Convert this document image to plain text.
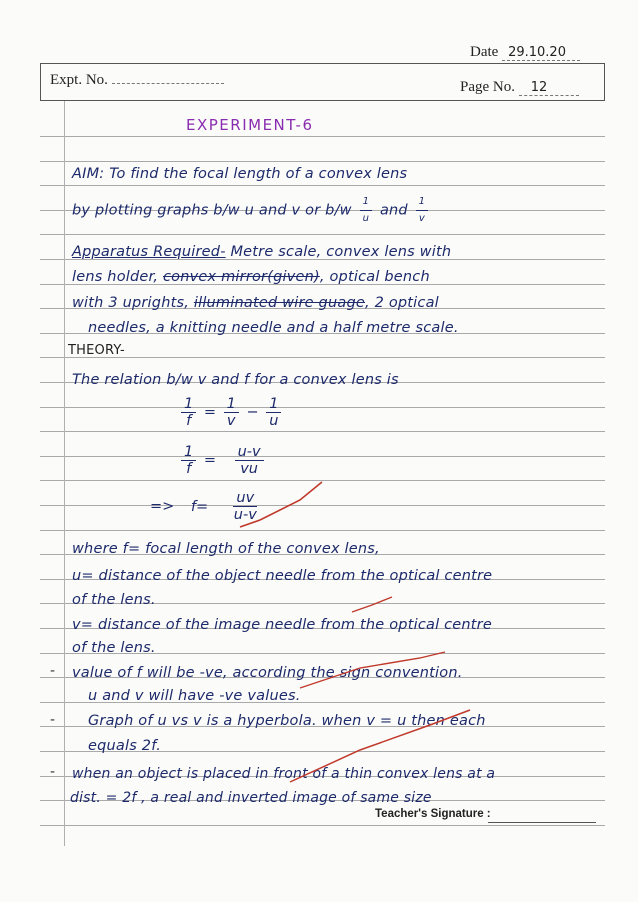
Date 29.10.20
Expt. No.	Page No. 12
EXPERIMENT-6
AIM: To find the focal length of a convex lens
by plotting graphs b/w u and v or $b/w \frac{1}{u}$ and $\frac{1}{v}$
Apparatus Required- Metre scale, convex lens with
lens holder, convex mirror(given), optical bench
with 3 uprights, illuminated wire guage, 2 optical
needles, a knitting needle and a half metre scale.
THEORY-
The relation b/w v and f for a convex lens is
$\frac{1}{f} = \frac{1}{v} - \frac{1}{u}$
$\frac{1}{f} = \frac{u-v}{vu}$
=> $f= \frac{uv}{u-v}$
where f= focal length of the convex lens,
u= distance of the object needle from the optical centre
of the lens.
v= distance of the image needle from the optical centre
of the lens.
- value of f will be -ve, according the sign convention.
u and v will have -ve values.
- Graph of u vs v is a hyperbola. when v = u then each
equals 2f.
- when an object is placed in front of a thin convex lens at a
dist. = 2f , a real and inverted image of same size
Teacher's Signature :
